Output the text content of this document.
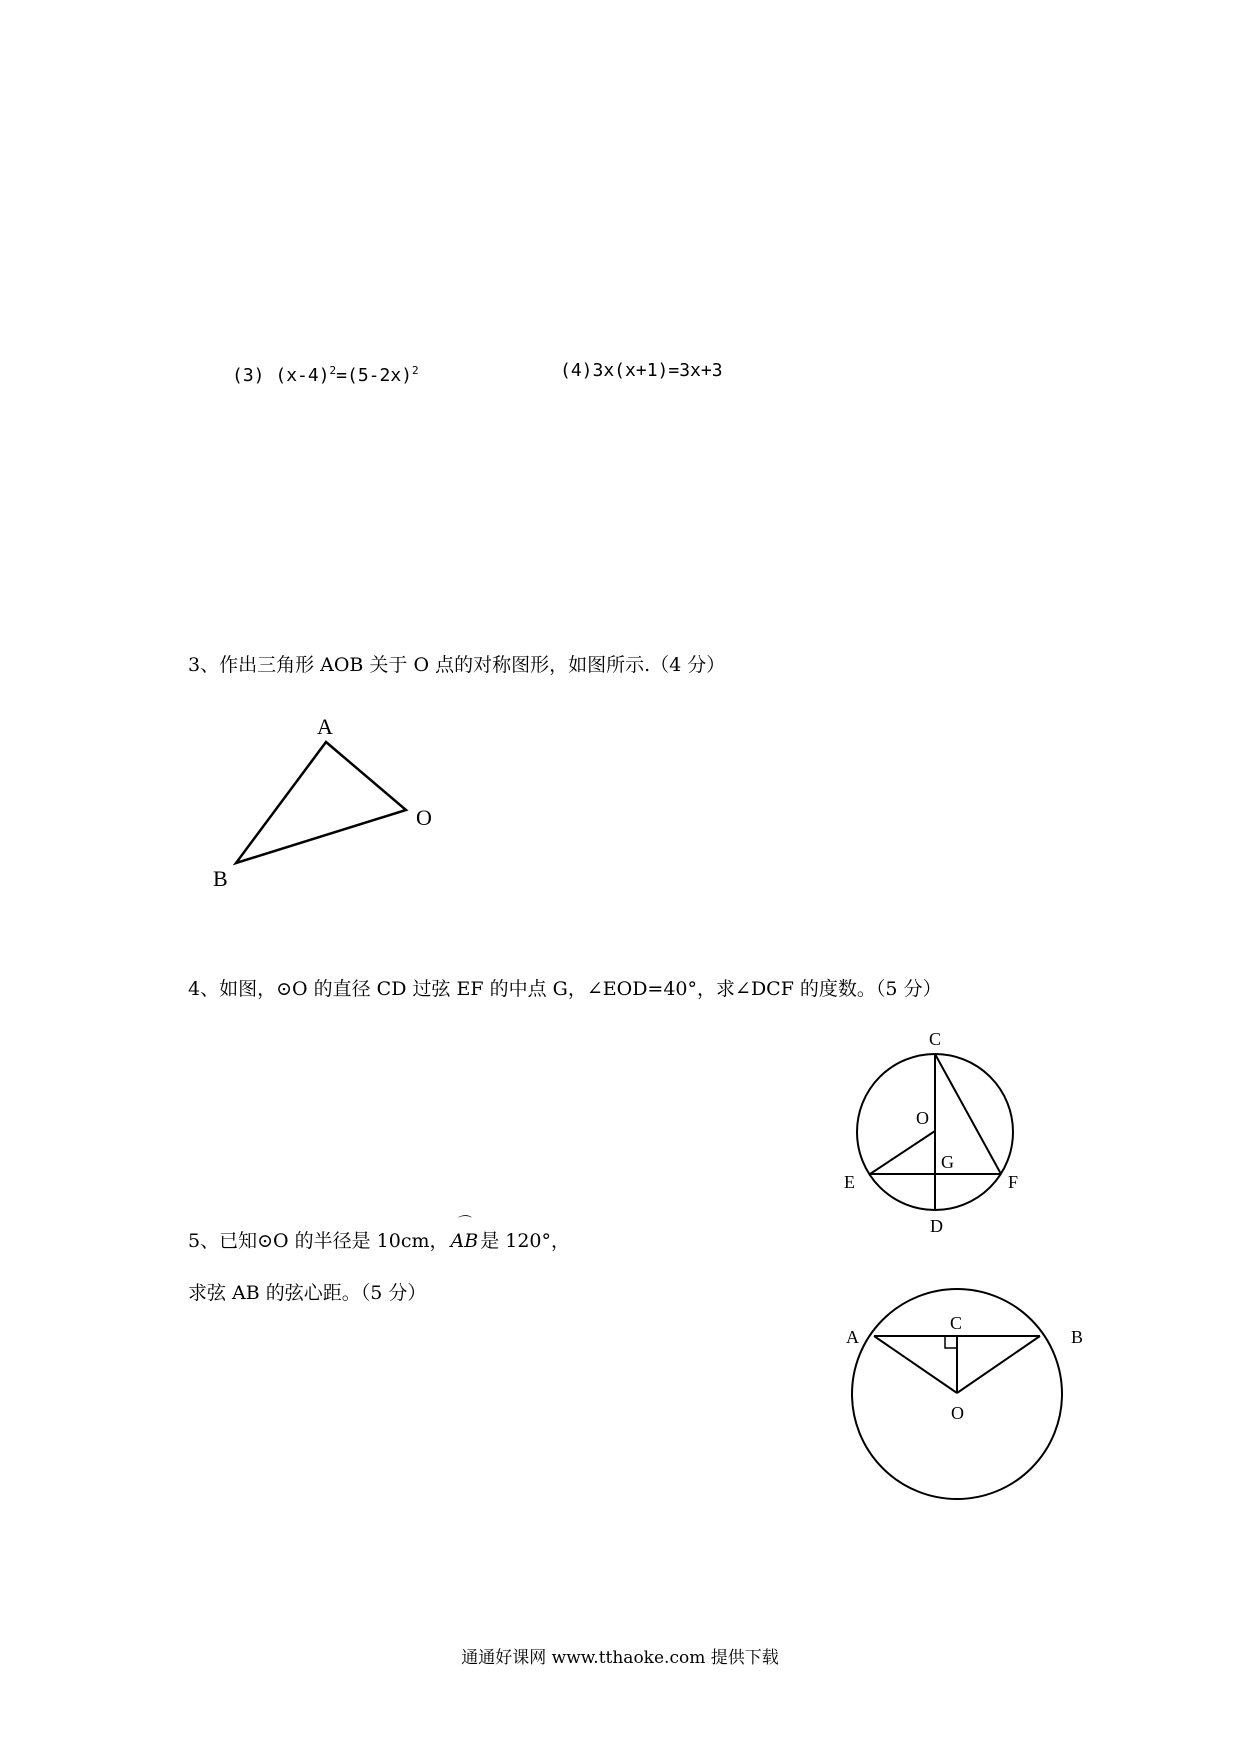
(3) $(x-4)^2=(5-2x)^2$	(4)3x(x+1)=3x+3
3、作出三角形 AOB 关于 O 点的对称图形，如图所示.（4 分）
A
O
B
4、如图，⊙O 的直径 CD 过弦 EF 的中点 G，∠EOD=40°，求∠DCF 的度数。（5 分）
C
O
G
E	F
D
5、已知⊙O 的半径是 10cm，
⌒
AB 是 120°，
求弦 AB 的弦心距。（5 分）
A	B
C
O
通通好课网 www.tthaoke.com 提供下载
